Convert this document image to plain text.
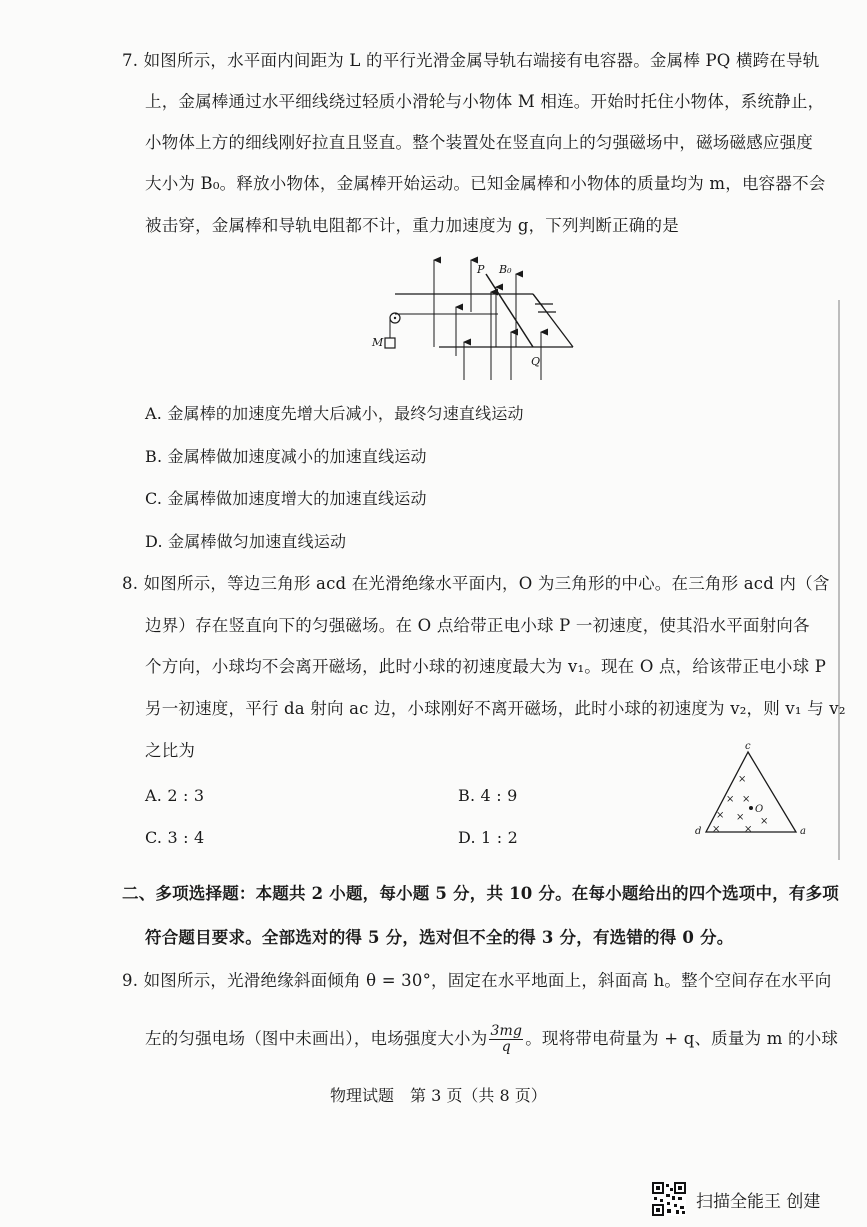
7. 如图所示，水平面内间距为 L 的平行光滑金属导轨右端接有电容器。金属棒 PQ 横跨在导轨
上，金属棒通过水平细线绕过轻质小滑轮与小物体 M 相连。开始时托住小物体，系统静止，
小物体上方的细线刚好拉直且竖直。整个装置处在竖直向上的匀强磁场中，磁场磁感应强度
大小为 B₀。释放小物体，金属棒开始运动。已知金属棒和小物体的质量均为 m，电容器不会
被击穿，金属棒和导轨电阻都不计，重力加速度为 g，下列判断正确的是
P B₀
M
Q
A. 金属棒的加速度先增大后减小，最终匀速直线运动
B. 金属棒做加速度减小的加速直线运动
C. 金属棒做加速度增大的加速直线运动
D. 金属棒做匀加速直线运动
8. 如图所示，等边三角形 acd 在光滑绝缘水平面内，O 为三角形的中心。在三角形 acd 内（含
边界）存在竖直向下的匀强磁场。在 O 点给带正电小球 P 一初速度，使其沿水平面射向各
个方向，小球均不会离开磁场，此时小球的初速度最大为 v₁。现在 O 点，给该带正电小球 P
另一初速度，平行 da 射向 ac 边，小球刚好不离开磁场，此时小球的初速度为 v₂，则 v₁ 与 v₂
之比为
A. 2 : 3	B. 4 : 9
C. 3 : 4	D. 1 : 2
c
d	a
O
×
× ×
× × ×
× ×
二、多项选择题：本题共 2 小题，每小题 5 分，共 10 分。在每小题给出的四个选项中，有多项
符合题目要求。全部选对的得 5 分，选对但不全的得 3 分，有选错的得 0 分。
9. 如图所示，光滑绝缘斜面倾角 θ = 30°，固定在水平地面上，斜面高 h。整个空间存在水平向
左的匀强电场（图中未画出），电场强度大小为 $\frac{3mg}{q}$ 。现将带电荷量为 + q、质量为 m 的小球
物理试题　第 3 页（共 8 页）
扫描全能王 创建
